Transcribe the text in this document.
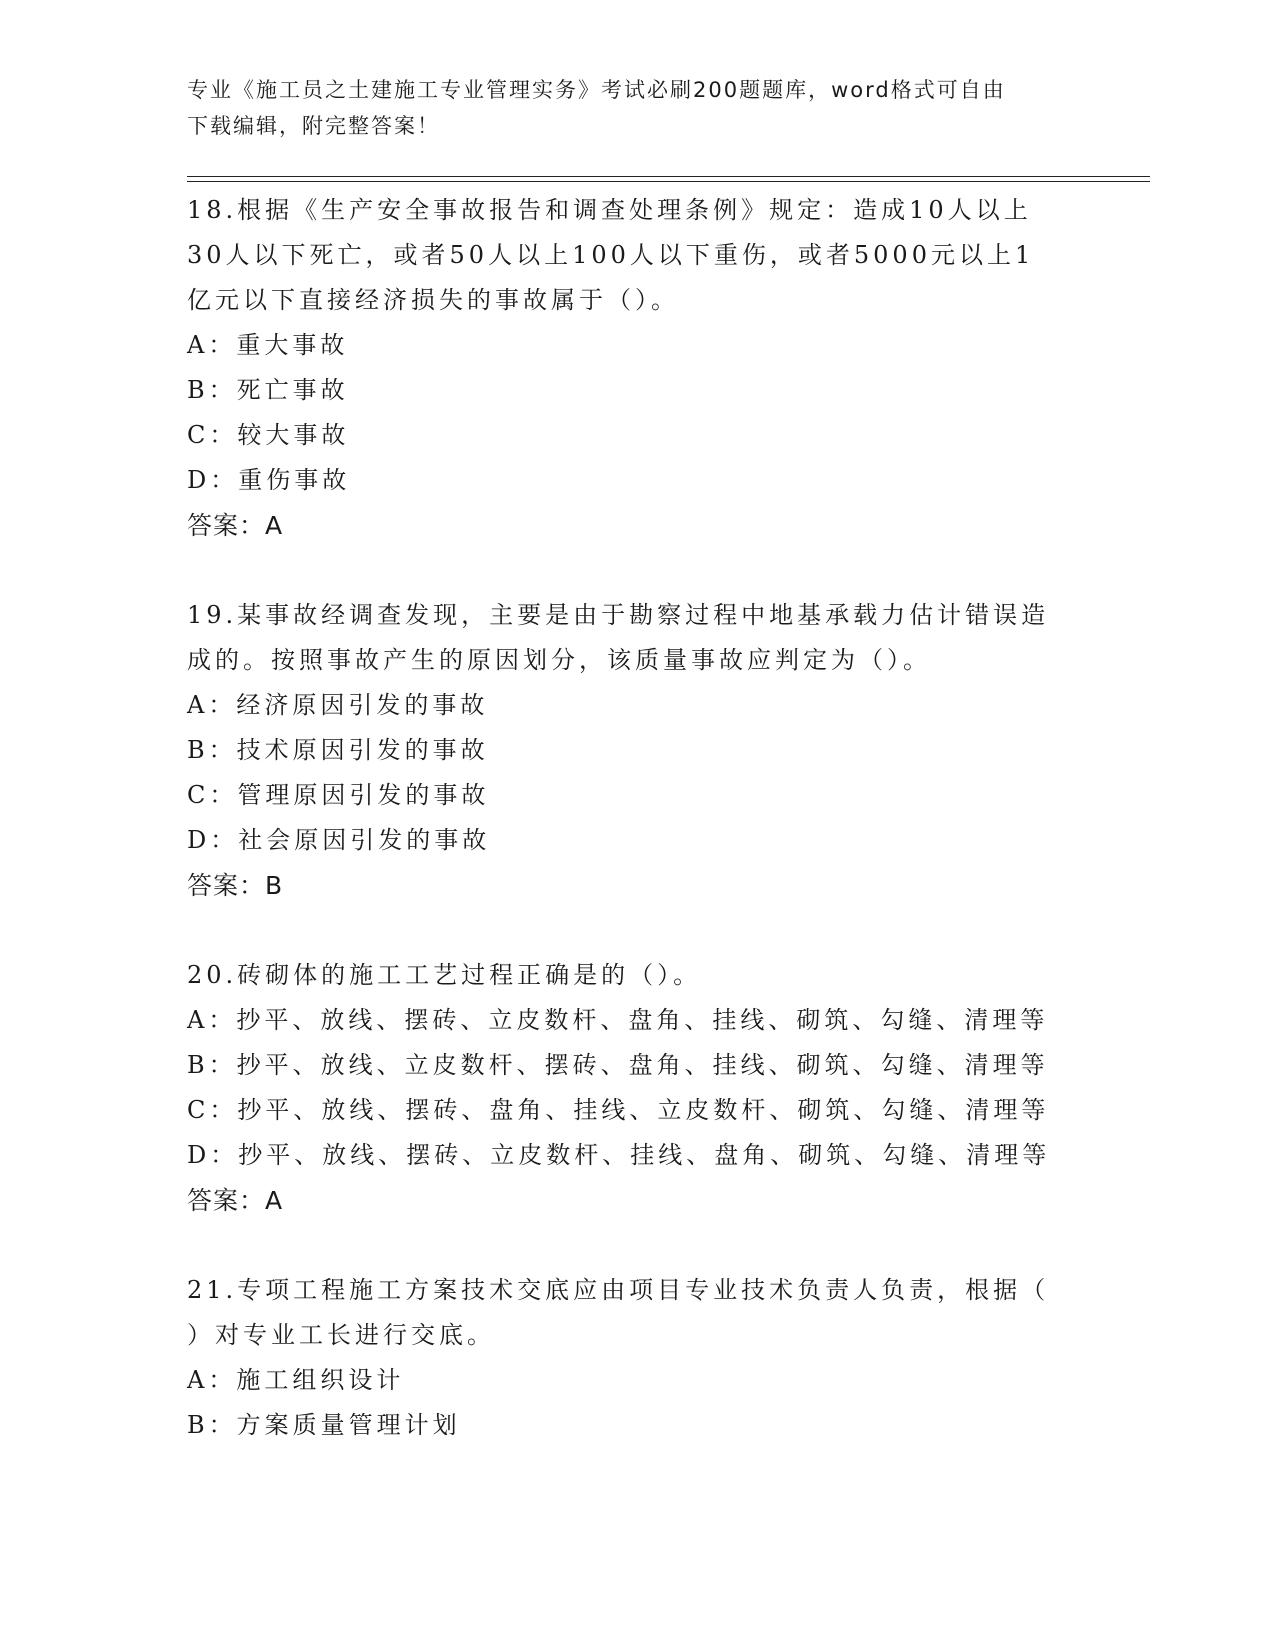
专业《施工员之土建施工专业管理实务》考试必刷200题题库，word格式可自由
下载编辑，附完整答案！

18.根据《生产安全事故报告和调查处理条例》规定：造成10人以上

30人以下死亡，或者50人以上100人以下重伤，或者5000元以上1

亿元以下直接经济损失的事故属于（）。

A：重大事故

B：死亡事故

C：较大事故

D：重伤事故

答案：A

19.某事故经调查发现，主要是由于勘察过程中地基承载力估计错误造

成的。按照事故产生的原因划分，该质量事故应判定为（）。

A：经济原因引发的事故

B：技术原因引发的事故

C：管理原因引发的事故

D：社会原因引发的事故

答案：B

20.砖砌体的施工工艺过程正确是的（）。

A：抄平、放线、摆砖、立皮数杆、盘角、挂线、砌筑、勾缝、清理等

B：抄平、放线、立皮数杆、摆砖、盘角、挂线、砌筑、勾缝、清理等

C：抄平、放线、摆砖、盘角、挂线、立皮数杆、砌筑、勾缝、清理等

D：抄平、放线、摆砖、立皮数杆、挂线、盘角、砌筑、勾缝、清理等

答案：A

21.专项工程施工方案技术交底应由项目专业技术负责人负责，根据（

）对专业工长进行交底。

A：施工组织设计

B：方案质量管理计划
